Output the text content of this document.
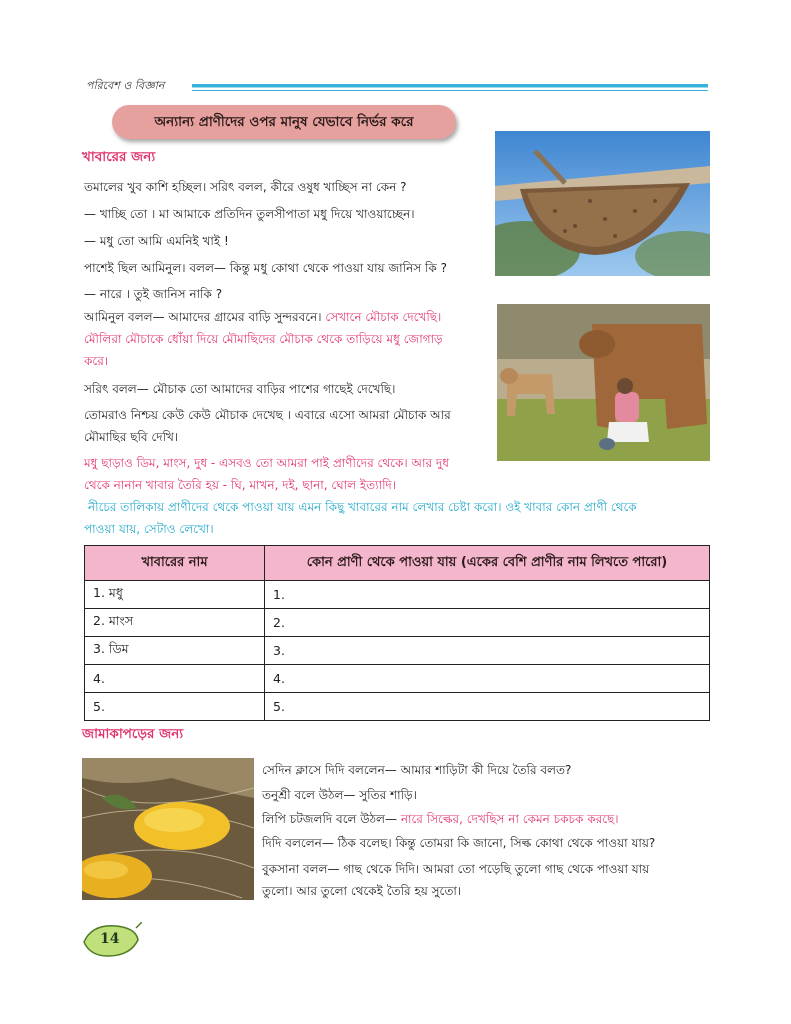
পরিবেশ ও বিজ্ঞান
অন্যান্য প্রাণীদের ওপর মানুষ যেভাবে নির্ভর করে
খাবারের জন্য
তমালের খুব কাশি হচ্ছিল। সরিৎ বলল, কীরে ওষুধ খাচ্ছিস না কেন ?
— খাচ্ছি তো । মা আমাকে প্রতিদিন তুলসীপাতা মধু দিয়ে খাওয়াচ্ছেন।
— মধু তো আমি এমনিই খাই !
পাশেই ছিল আমিনুল। বলল— কিন্তু মধু কোথা থেকে পাওয়া যায় জানিস কি ?
— নারে । তুই জানিস নাকি ?
আমিনুল বলল— আমাদের গ্রামের বাড়ি সুন্দরবনে। সেখানে মৌচাক দেখেছি।
মৌলিরা মৌচাকে ধোঁয়া দিয়ে মৌমাছিদের মৌচাক থেকে তাড়িয়ে মধু জোগাড়
করে।
সরিৎ বলল— মৌচাক তো আমাদের বাড়ির পাশের গাছেই দেখেছি।
তোমরাও নিশ্চয় কেউ কেউ মৌচাক দেখেছ । এবারে এসো আমরা মৌচাক আর
মৌমাছির ছবি দেখি।
মধু ছাড়াও ডিম, মাংস, দুধ - এসবও তো আমরা পাই প্রাণীদের থেকে। আর দুধ
থেকে নানান খাবার তৈরি হয় - ঘি, মাখন, দই, ছানা, ঘোল ইত্যাদি।
নীচের তালিকায় প্রাণীদের থেকে পাওয়া যায় এমন কিছু খাবারের নাম লেখার চেষ্টা করো। ওই খাবার কোন প্রাণী থেকে
পাওয়া যায়, সেটাও লেখো।
খাবারের নাম	কোন প্রাণী থেকে পাওয়া যায় (একের বেশি প্রাণীর নাম লিখতে পারো)
1. মধু	1.
2. মাংস	2.
3. ডিম	3.
4.	4.
5.	5.
জামাকাপড়ের জন্য
সেদিন ক্লাসে দিদি বললেন— আমার শাড়িটা কী দিয়ে তৈরি বলত?
তনুশ্রী বলে উঠল— সুতির শাড়ি।
লিপি চটজলদি বলে উঠল— নারে সিল্কের, দেখছিস না কেমন চকচক করছে।
দিদি বললেন— ঠিক বলেছ। কিন্তু তোমরা কি জানো, সিল্ক কোথা থেকে পাওয়া যায়?
বুকসানা বলল— গাছ থেকে দিদি। আমরা তো পড়েছি তুলো গাছ থেকে পাওয়া যায়
তুলো। আর তুলো থেকেই তৈরি হয় সুতো।
14
